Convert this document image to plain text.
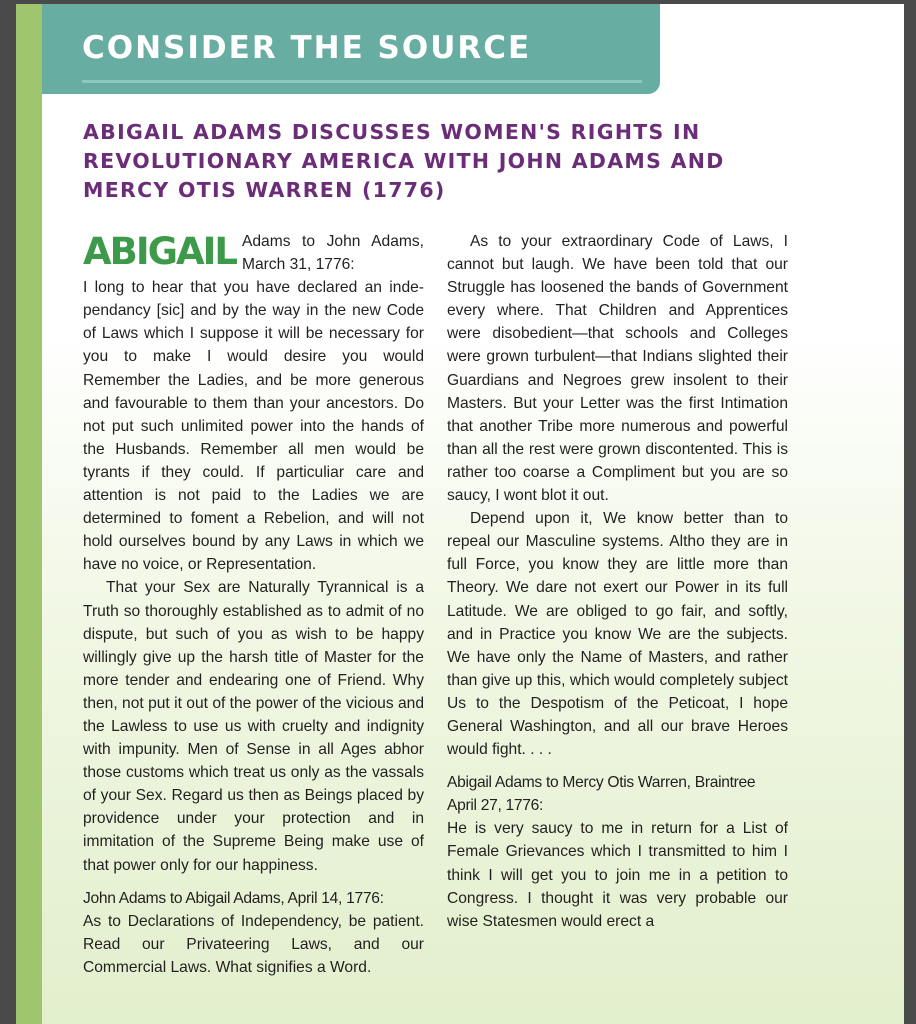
CONSIDER THE SOURCE
ABIGAIL ADAMS DISCUSSES WOMEN'S RIGHTS IN REVOLUTIONARY AMERICA WITH JOHN ADAMS AND MERCY OTIS WARREN (1776)

ABIGAIL Adams to John Adams, March 31, 1776:

I long to hear that you have declared an independancy [sic] and by the way in the new Code of Laws which I suppose it will be necessary for you to make I would desire you would Remember the Ladies, and be more generous and favourable to them than your ancestors. Do not put such unlimited power into the hands of the Husbands. Remember all men would be tyrants if they could. If particuliar care and attention is not paid to the Ladies we are determined to foment a Rebelion, and will not hold ourselves bound by any Laws in which we have no voice, or Representation.

That your Sex are Naturally Tyrannical is a Truth so thoroughly established as to admit of no dispute, but such of you as wish to be happy willingly give up the harsh title of Master for the more tender and endearing one of Friend. Why then, not put it out of the power of the vicious and the Lawless to use us with cruelty and indignity with impunity. Men of Sense in all Ages abhor those customs which treat us only as the vassals of your Sex. Regard us then as Beings placed by providence under your protection and in immitation of the Supreme Being make use of that power only for our happiness.

John Adams to Abigail Adams, April 14, 1776:

As to Declarations of Independency, be patient. Read our Privateering Laws, and our Commercial Laws. What signifies a Word.

As to your extraordinary Code of Laws, I cannot but laugh. We have been told that our Struggle has loosened the bands of Government every where. That Children and Apprentices were disobedient—that schools and Colleges were grown turbulent—that Indians slighted their Guardians and Negroes grew insolent to their Masters. But your Letter was the first Intimation that another Tribe more numerous and powerful than all the rest were grown discontented. This is rather too coarse a Compliment but you are so saucy, I wont blot it out.

Depend upon it, We know better than to repeal our Masculine systems. Altho they are in full Force, you know they are little more than Theory. We dare not exert our Power in its full Latitude. We are obliged to go fair, and softly, and in Practice you know We are the subjects. We have only the Name of Masters, and rather than give up this, which would completely subject Us to the Despotism of the Peticoat, I hope General Washington, and all our brave Heroes would fight. . . .

Abigail Adams to Mercy Otis Warren, Braintree April 27, 1776:

He is very saucy to me in return for a List of Female Grievances which I transmitted to him I think I will get you to join me in a petition to Congress. I thought it was very probable our wise Statesmen would erect a
